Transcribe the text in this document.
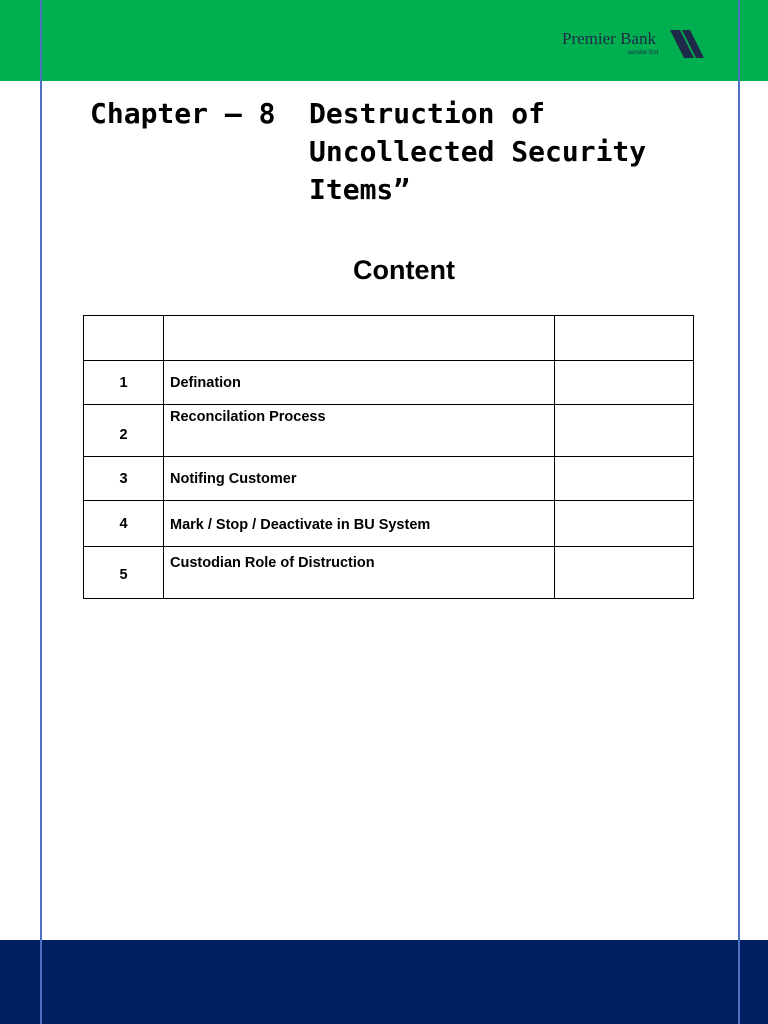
Premier Bank
service first
Chapter – 8 Destruction of Uncollected Security Items”
Content

1	Defination	
2	Reconcilation Process	
3	Notifing Customer	
4	Mark / Stop / Deactivate in BU System	
5	Custodian Role of Distruction	
